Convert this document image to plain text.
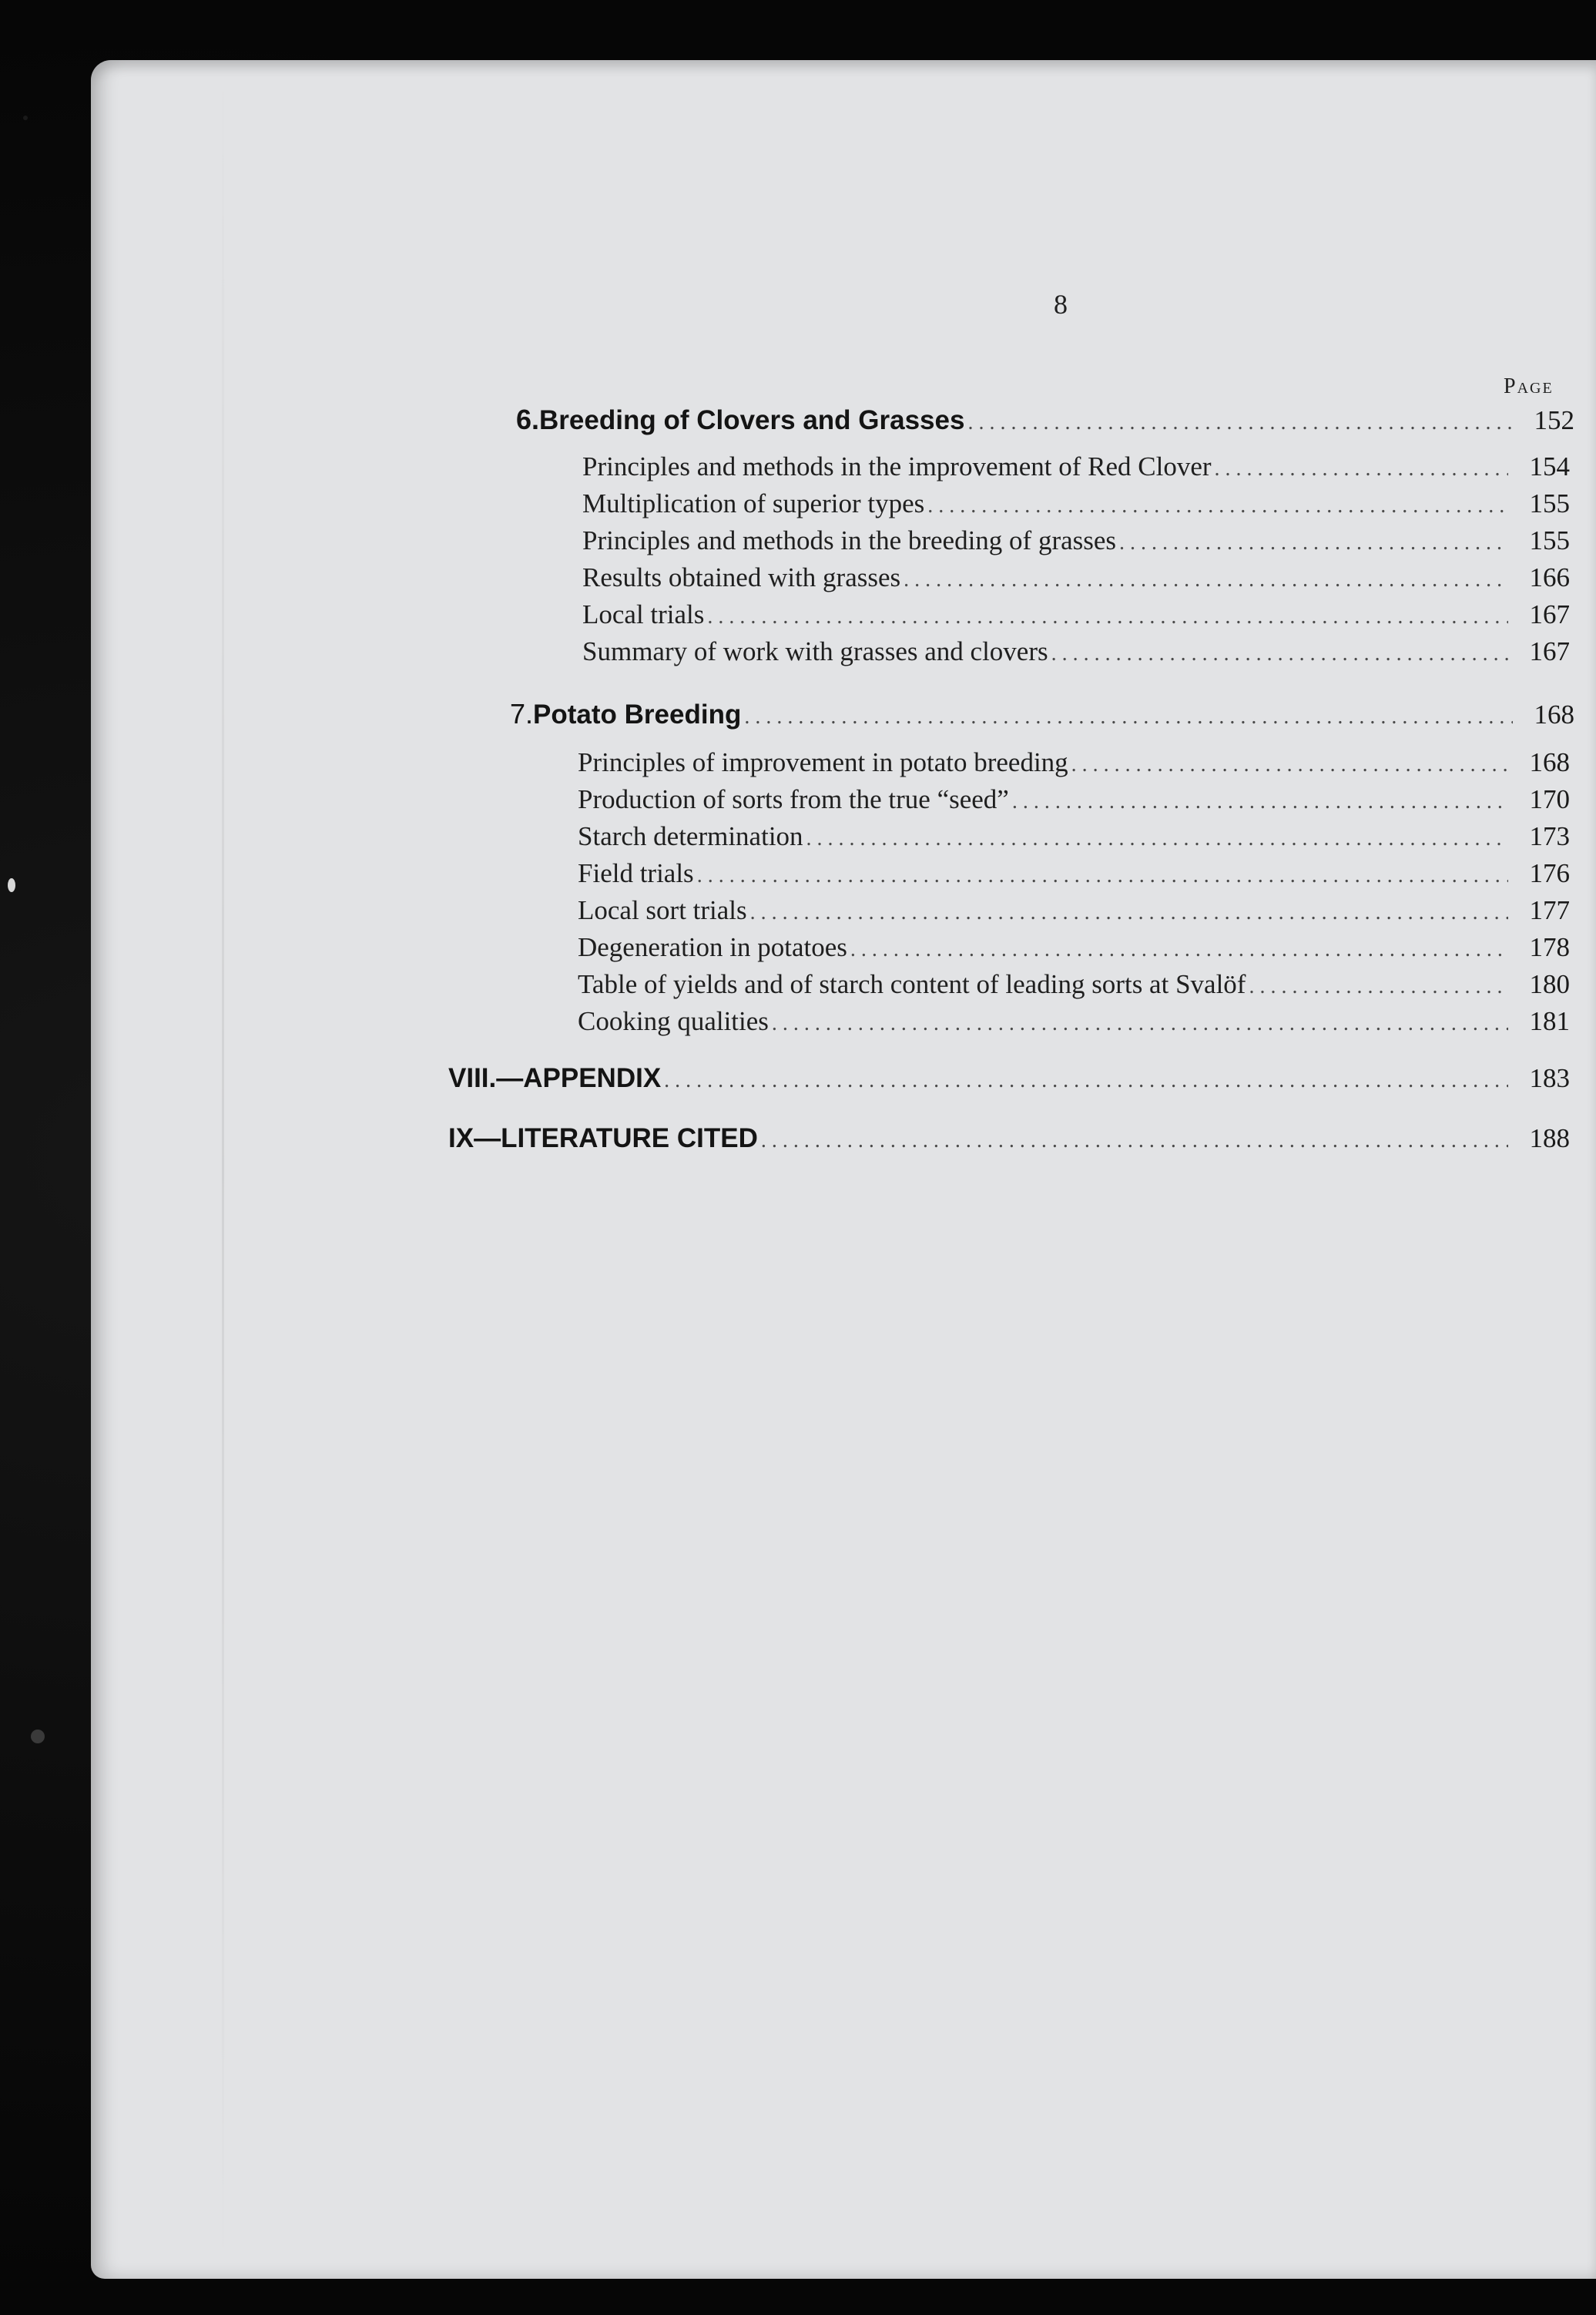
8
Page
6. Breeding of Clovers and Grasses .....	152
Principles and methods in the improvement of Red Clover .....	154
Multiplication of superior types .....	155
Principles and methods in the breeding of grasses .....	155
Results obtained with grasses .....	166
Local trials .....	167
Summary of work with grasses and clovers .....	167
7. Potato Breeding .....	168
Principles of improvement in potato breeding .....	168
Production of sorts from the true “seed” .....	170
Starch determination .....	173
Field trials .....	176
Local sort trials .....	177
Degeneration in potatoes .....	178
Table of yields and of starch content of leading sorts at Svalöf .....	180
Cooking qualities .....	181
VIII.—APPENDIX .....	183
IX—LITERATURE CITED .....	188
